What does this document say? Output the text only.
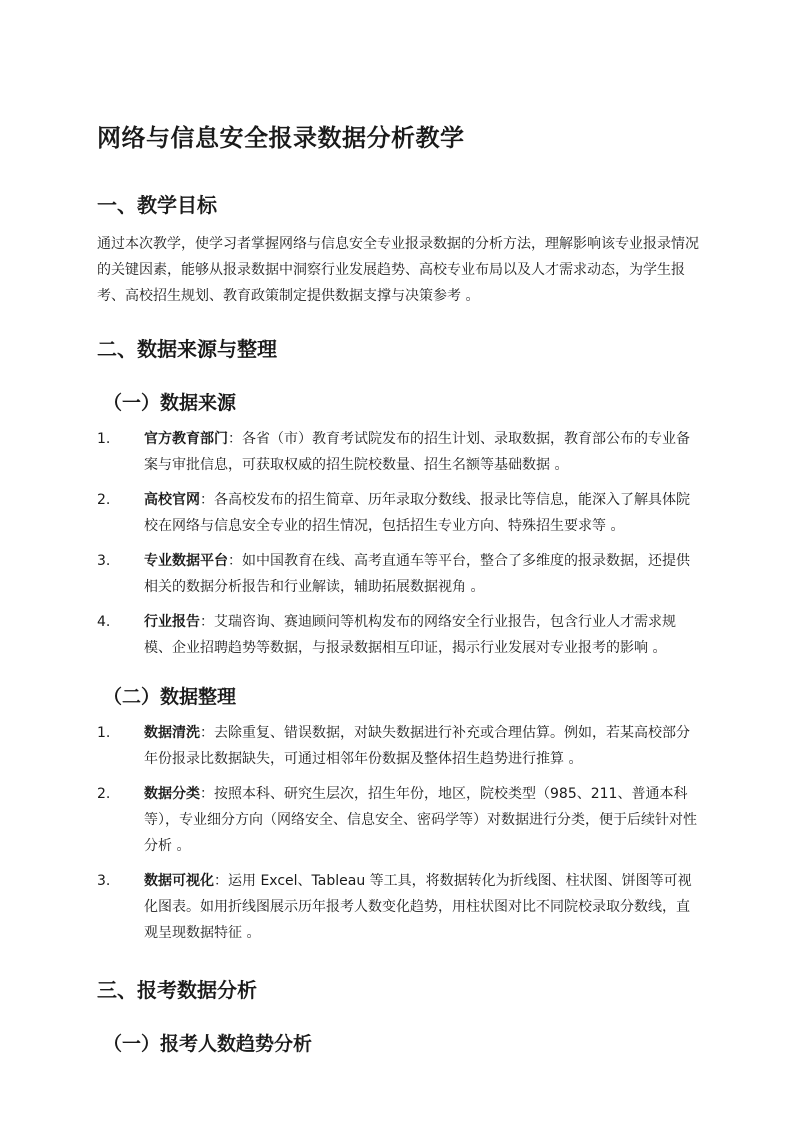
网络与信息安全报录数据分析教学
一、教学目标

通过本次教学，使学习者掌握网络与信息安全专业报录数据的分析方法，理解影响该专业报录情况的关键因素，能够从报录数据中洞察行业发展趋势、高校专业布局以及人才需求动态，为学生报考、高校招生规划、教育政策制定提供数据支撑与决策参考 。

二、数据来源与整理
（一）数据来源
1. 官方教育部门：各省（市）教育考试院发布的招生计划、录取数据，教育部公布的专业备案与审批信息，可获取权威的招生院校数量、招生名额等基础数据 。
2. 高校官网：各高校发布的招生简章、历年录取分数线、报录比等信息，能深入了解具体院校在网络与信息安全专业的招生情况，包括招生专业方向、特殊招生要求等 。
3. 专业数据平台：如中国教育在线、高考直通车等平台，整合了多维度的报录数据，还提供相关的数据分析报告和行业解读，辅助拓展数据视角 。
4. 行业报告：艾瑞咨询、赛迪顾问等机构发布的网络安全行业报告，包含行业人才需求规模、企业招聘趋势等数据，与报录数据相互印证，揭示行业发展对专业报考的影响 。
（二）数据整理
1. 数据清洗：去除重复、错误数据，对缺失数据进行补充或合理估算。例如，若某高校部分年份报录比数据缺失，可通过相邻年份数据及整体招生趋势进行推算 。
2. 数据分类：按照本科、研究生层次，招生年份，地区，院校类型（985、211、普通本科等），专业细分方向（网络安全、信息安全、密码学等）对数据进行分类，便于后续针对性分析 。
3. 数据可视化：运用 Excel、Tableau 等工具，将数据转化为折线图、柱状图、饼图等可视化图表。如用折线图展示历年报考人数变化趋势，用柱状图对比不同院校录取分数线，直观呈现数据特征 。
三、报考数据分析
（一）报考人数趋势分析
